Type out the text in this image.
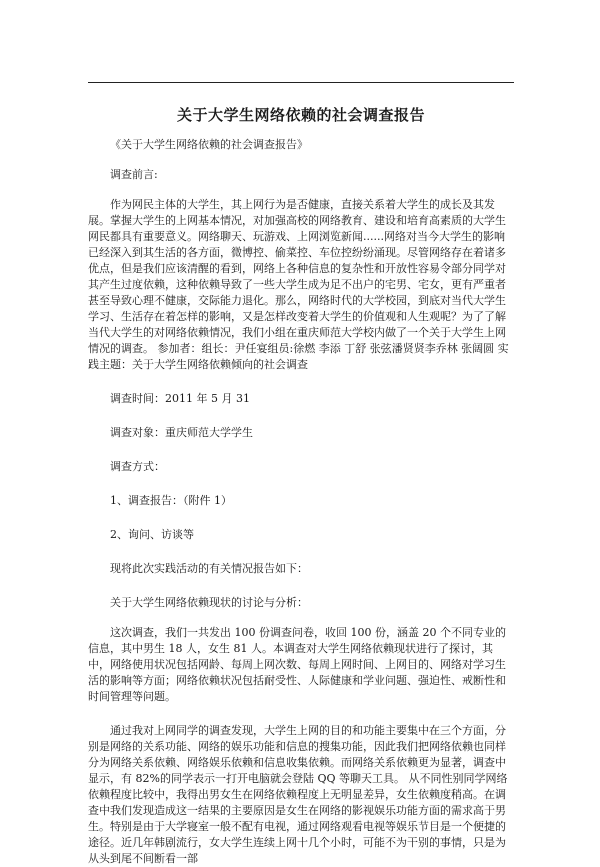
关于大学生网络依赖的社会调查报告

《关于大学生网络依赖的社会调查报告》

调查前言:

作为网民主体的大学生，其上网行为是否健康，直接关系着大学生的成长及其发展。掌握大学生的上网基本情况，对加强高校的网络教育、建设和培育高素质的大学生网民都具有重要意义。网络聊天、玩游戏、上网浏览新闻......网络对当今大学生的影响已经深入到其生活的各方面，微博控、偷菜控、车位控纷纷涌现。尽管网络存在着诸多优点，但是我们应该清醒的看到，网络上各种信息的复杂性和开放性容易令部分同学对其产生过度依赖，这种依赖导致了一些大学生成为足不出户的宅男、宅女，更有严重者甚至导致心理不健康，交际能力退化。那么，网络时代的大学校园，到底对当代大学生学习、生活存在着怎样的影响，又是怎样改变着大学生的价值观和人生观呢？为了了解当代大学生的对网络依赖情况，我们小组在重庆师范大学校内做了一个关于大学生上网情况的调查。 参加者：组长：尹任宴组员:徐燃 李添 丁舒 张弦潘贤贤李乔林 张阔圆 实践主题：关于大学生网络依赖倾向的社会调查

调查时间：2011 年 5 月 31

调查对象：重庆师范大学学生

调查方式：

1、调查报告：（附件 1）

2、询问、访谈等

现将此次实践活动的有关情况报告如下：

关于大学生网络依赖现状的讨论与分析：

这次调查，我们一共发出 100 份调查问卷，收回 100 份，涵盖 20 个不同专业的信息，其中男生 18 人，女生 81 人。本调查对大学生网络依赖现状进行了探讨，其中，网络使用状况包括网龄、每周上网次数、每周上网时间、上网目的、网络对学习生活的影响等方面；网络依赖状况包括耐受性、人际健康和学业问题、强迫性、戒断性和时间管理等问题。

通过我对上网同学的调查发现，大学生上网的目的和功能主要集中在三个方面，分别是网络的关系功能、网络的娱乐功能和信息的搜集功能，因此我们把网络依赖也同样分为网络关系依赖、网络娱乐依赖和信息收集依赖。而网络关系依赖更为显著，调查中显示，有 82%的同学表示一打开电脑就会登陆 QQ 等聊天工具。 从不同性别同学网络依赖程度比较中，我得出男女生在网络依赖程度上无明显差异，女生依赖度稍高。在调查中我们发现造成这一结果的主要原因是女生在网络的影视娱乐功能方面的需求高于男生。特别是由于大学寝室一般不配有电视，通过网络观看电视等娱乐节目是一个便捷的途径。近几年韩剧流行，女大学生连续上网十几个小时，可能不为干别的事情，只是为从头到尾不间断看一部
